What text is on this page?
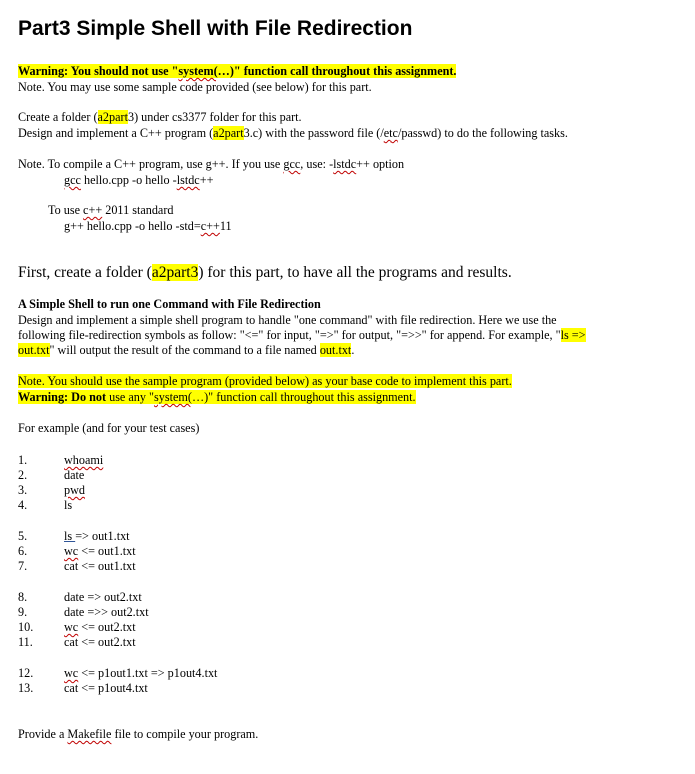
Part3 Simple Shell with File Redirection
Warning: You should not use "system(…)" function call throughout this assignment.
Note. You may use some sample code provided (see below) for this part.
Create a folder (a2part3) under cs3377 folder for this part.
Design and implement a C++ program (a2part3.c) with the password file (/etc/passwd) to do the following tasks.
Note. To compile a C++ program, use g++. If you use gcc, use: -lstdc++ option
gcc hello.cpp -o hello -lstdc++
To use c++ 2011 standard
g++ hello.cpp -o hello -std=c++11
First, create a folder (a2part3) for this part, to have all the programs and results.
A Simple Shell to run one Command with File Redirection
Design and implement a simple shell program to handle "one command" with file redirection. Here we use the
following file-redirection symbols as follow: "<=" for input, "=>" for output, "=>>" for append. For example, "ls =>
out.txt" will output the result of the command to a file named out.txt.
Note. You should use the sample program (provided below) as your base code to implement this part.
Warning: Do not use any "system(…)" function call throughout this assignment.
For example (and for your test cases)
1.	whoami
2.	date
3.	pwd
4.	ls
5.	ls => out1.txt
6.	wc <= out1.txt
7.	cat <= out1.txt
8.	date => out2.txt
9.	date =>> out2.txt
10.	wc <= out2.txt
11.	cat <= out2.txt
12.	wc <= p1out1.txt => p1out4.txt
13.	cat <= p1out4.txt
Provide a Makefile file to compile your program.
